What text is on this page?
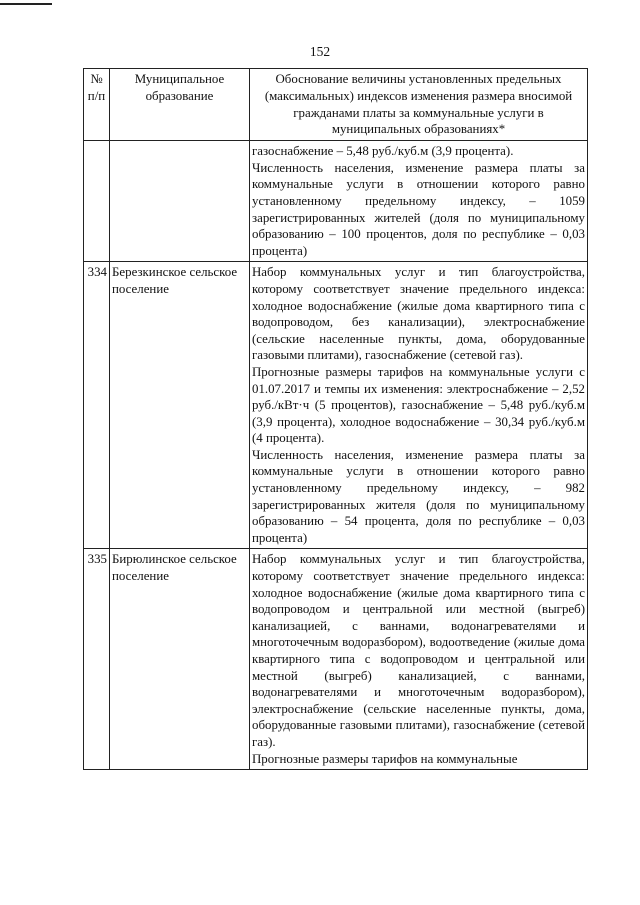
152
№ п/п	Муниципальное образование	Обоснование величины установленных предельных (максимальных) индексов изменения размера вносимой гражданами платы за коммунальные услуги в муниципальных образованиях*

		газоснабжение – 5,48 руб./куб.м (3,9 процента).
Численность населения, изменение размера платы за коммунальные услуги в отношении которого равно установленному предельному индексу, – 1059 зарегистрированных жителей (доля по муниципальному образованию – 100 процентов, доля по республике – 0,03 процента)

334	Березкинское сельское поселение	Набор коммунальных услуг и тип благоустройства, которому соответствует значение предельного индекса: холодное водоснабжение (жилые дома квартирного типа с водопроводом, без канализации), электроснабжение (сельские населенные пункты, дома, оборудованные газовыми плитами), газоснабжение (сетевой газ).
Прогнозные размеры тарифов на коммунальные услуги с 01.07.2017 и темпы их изменения: электроснабжение – 2,52 руб./кВт·ч (5 процентов), газоснабжение – 5,48 руб./куб.м (3,9 процента), холодное водоснабжение – 30,34 руб./куб.м (4 процента).
Численность населения, изменение размера платы за коммунальные услуги в отношении которого равно установленному предельному индексу, – 982 зарегистрированных жителя (доля по муниципальному образованию – 54 процента, доля по республике – 0,03 процента)

335	Бирюлинское сельское поселение	Набор коммунальных услуг и тип благоустройства, которому соответствует значение предельного индекса: холодное водоснабжение (жилые дома квартирного типа с водопроводом и центральной или местной (выгреб) канализацией, с ваннами, водонагревателями и многоточечным водоразбором), водоотведение (жилые дома квартирного типа с водопроводом и центральной или местной (выгреб) канализацией, с ваннами, водонагревателями и многоточечным водоразбором), электроснабжение (сельские населенные пункты, дома, оборудованные газовыми плитами), газоснабжение (сетевой газ).
Прогнозные размеры тарифов на коммунальные
